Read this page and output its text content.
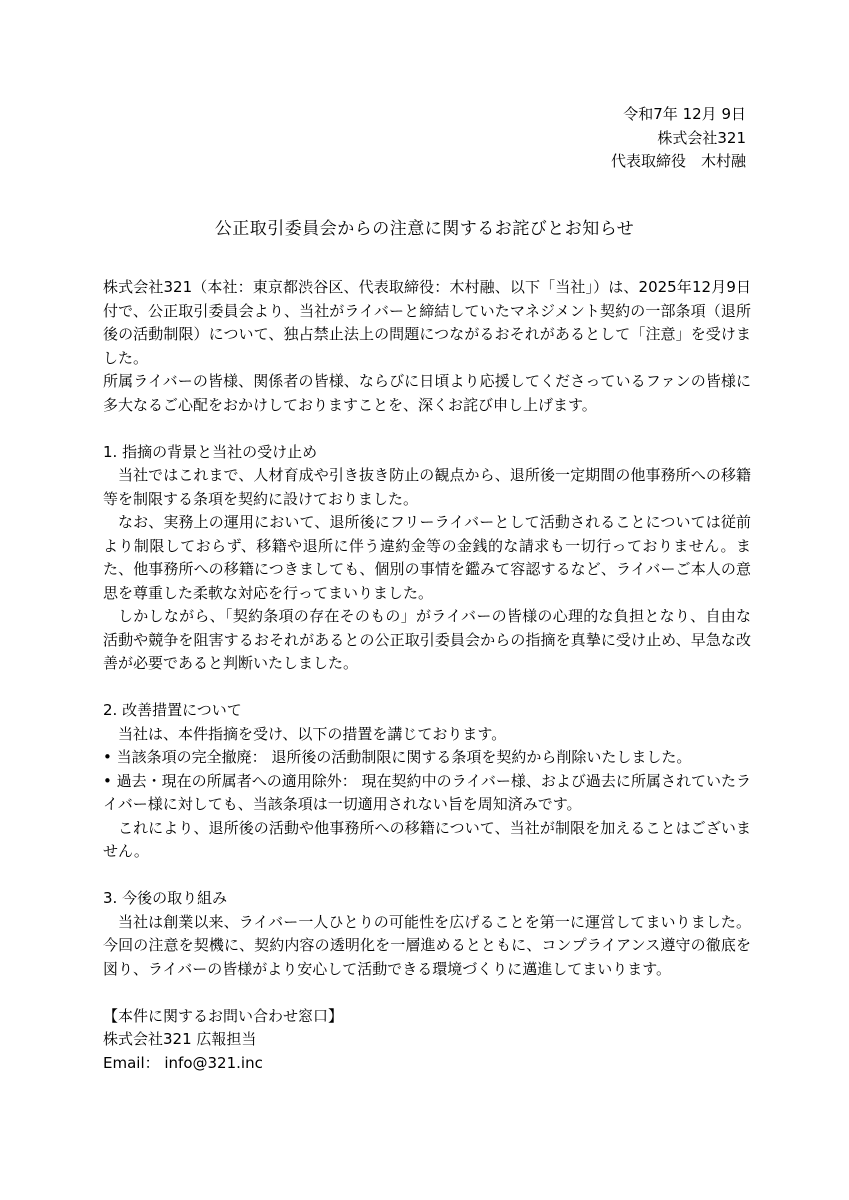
令和7年 12月 9日
株式会社321
代表取締役　木村融
公正取引委員会からの注意に関するお詫びとお知らせ

株式会社321（本社：東京都渋谷区、代表取締役：木村融、以下「当社」）は、2025年12月9日付で、公正取引委員会より、当社がライバーと締結していたマネジメント契約の一部条項（退所後の活動制限）について、独占禁止法上の問題につながるおそれがあるとして「注意」を受けました。

所属ライバーの皆様、関係者の皆様、ならびに日頃より応援してくださっているファンの皆様に多大なるご心配をおかけしておりますことを、深くお詫び申し上げます。

1. 指摘の背景と当社の受け止め

当社ではこれまで、人材育成や引き抜き防止の観点から、退所後一定期間の他事務所への移籍等を制限する条項を契約に設けておりました。

なお、実務上の運用において、退所後にフリーライバーとして活動されることについては従前より制限しておらず、移籍や退所に伴う違約金等の金銭的な請求も一切行っておりません。また、他事務所への移籍につきましても、個別の事情を鑑みて容認するなど、ライバーご本人の意思を尊重した柔軟な対応を行ってまいりました。

しかしながら、「契約条項の存在そのもの」がライバーの皆様の心理的な負担となり、自由な活動や競争を阻害するおそれがあるとの公正取引委員会からの指摘を真摯に受け止め、早急な改善が必要であると判断いたしました。

2. 改善措置について

当社は、本件指摘を受け、以下の措置を講じております。

• 当該条項の完全撤廃： 退所後の活動制限に関する条項を契約から削除いたしました。

• 過去・現在の所属者への適用除外： 現在契約中のライバー様、および過去に所属されていたライバー様に対しても、当該条項は一切適用されない旨を周知済みです。

これにより、退所後の活動や他事務所への移籍について、当社が制限を加えることはございません。

3. 今後の取り組み

当社は創業以来、ライバー一人ひとりの可能性を広げることを第一に運営してまいりました。今回の注意を契機に、契約内容の透明化を一層進めるとともに、コンプライアンス遵守の徹底を図り、ライバーの皆様がより安心して活動できる環境づくりに邁進してまいります。

【本件に関するお問い合わせ窓口】

株式会社321 広報担当

Email： info@321.inc
